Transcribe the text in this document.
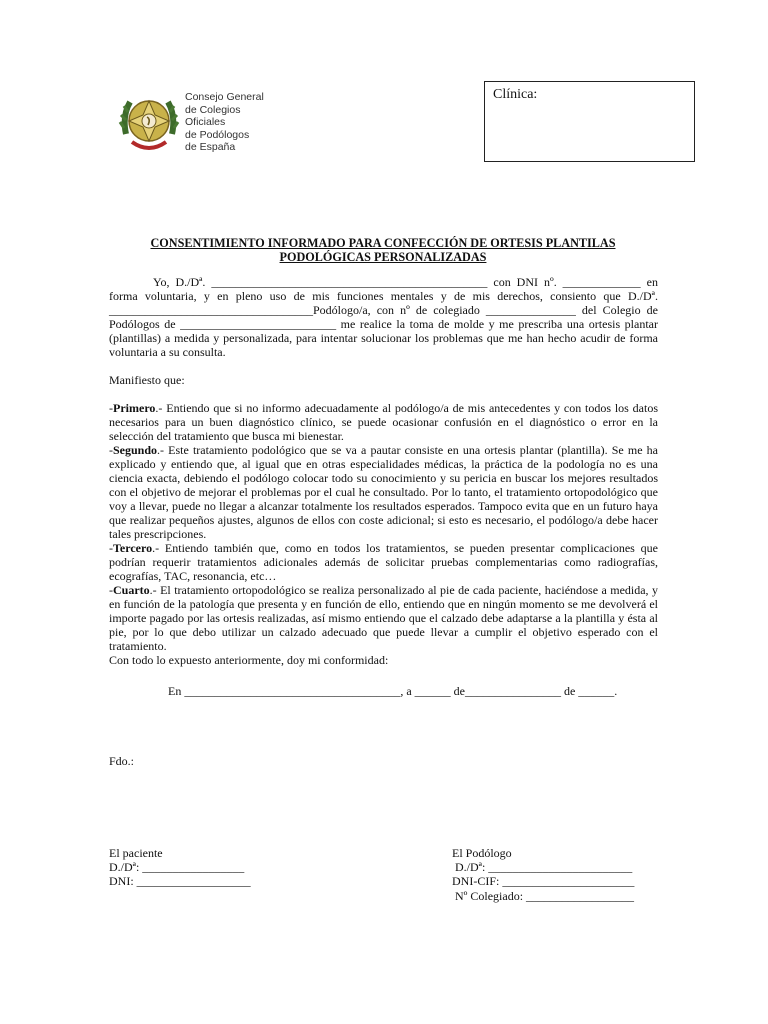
Consejo General
de Colegios
Oficiales
de Podólogos
de España
Clínica:
CONSENTIMIENTO INFORMADO PARA CONFECCIÓN DE ORTESIS PLANTILAS
PODOLÓGICAS PERSONALIZADAS

Yo, D./Dª. ______________________________________________ con DNI nº. _____________ en forma voluntaria, y en pleno uso de mis funciones mentales y de mis derechos, consiento que D./Dª. __________________________________Podólogo/a, con nº de colegiado _______________ del Colegio de Podólogos de __________________________ me realice la toma de molde y me prescriba una ortesis plantar (plantillas) a medida y personalizada, para intentar solucionar los problemas que me han hecho acudir de forma voluntaria a su consulta.

Manifiesto que:

-Primero.- Entiendo que si no informo adecuadamente al podólogo/a de mis antecedentes y con todos los datos necesarios para un buen diagnóstico clínico, se puede ocasionar confusión en el diagnóstico o error en la selección del tratamiento que busca mi bienestar.

-Segundo.- Este tratamiento podológico que se va a pautar consiste en una ortesis plantar (plantilla). Se me ha explicado y entiendo que, al igual que en otras especialidades médicas, la práctica de la podología no es una ciencia exacta, debiendo el podólogo colocar todo su conocimiento y su pericia en buscar los mejores resultados con el objetivo de mejorar el problemas por el cual he consultado. Por lo tanto, el tratamiento ortopodológico que voy a llevar, puede no llegar a alcanzar totalmente los resultados esperados. Tampoco evita que en un futuro haya que realizar pequeños ajustes, algunos de ellos con coste adicional; si esto es necesario, el podólogo/a debe hacer tales prescripciones.

-Tercero.- Entiendo también que, como en todos los tratamientos, se pueden presentar complicaciones que podrían requerir tratamientos adicionales además de solicitar pruebas complementarias como radiografías, ecografías, TAC, resonancia, etc…

-Cuarto.- El tratamiento ortopodológico se realiza personalizado al pie de cada paciente, haciéndose a medida, y en función de la patología que presenta y en función de ello, entiendo que en ningún momento se me devolverá el importe pagado por las ortesis realizadas, así mismo entiendo que el calzado debe adaptarse a la plantilla y ésta al pie, por lo que debo utilizar un calzado adecuado que puede llevar a cumplir el objetivo esperado con el tratamiento.

Con todo lo expuesto anteriormente, doy mi conformidad:

En ____________________________________, a ______ de________________ de ______.
Fdo.:
El paciente
D./Dª: _________________
DNI: ___________________
El Podólogo
D./Dª: ________________________
DNI-CIF: ______________________
Nº Colegiado: __________________
